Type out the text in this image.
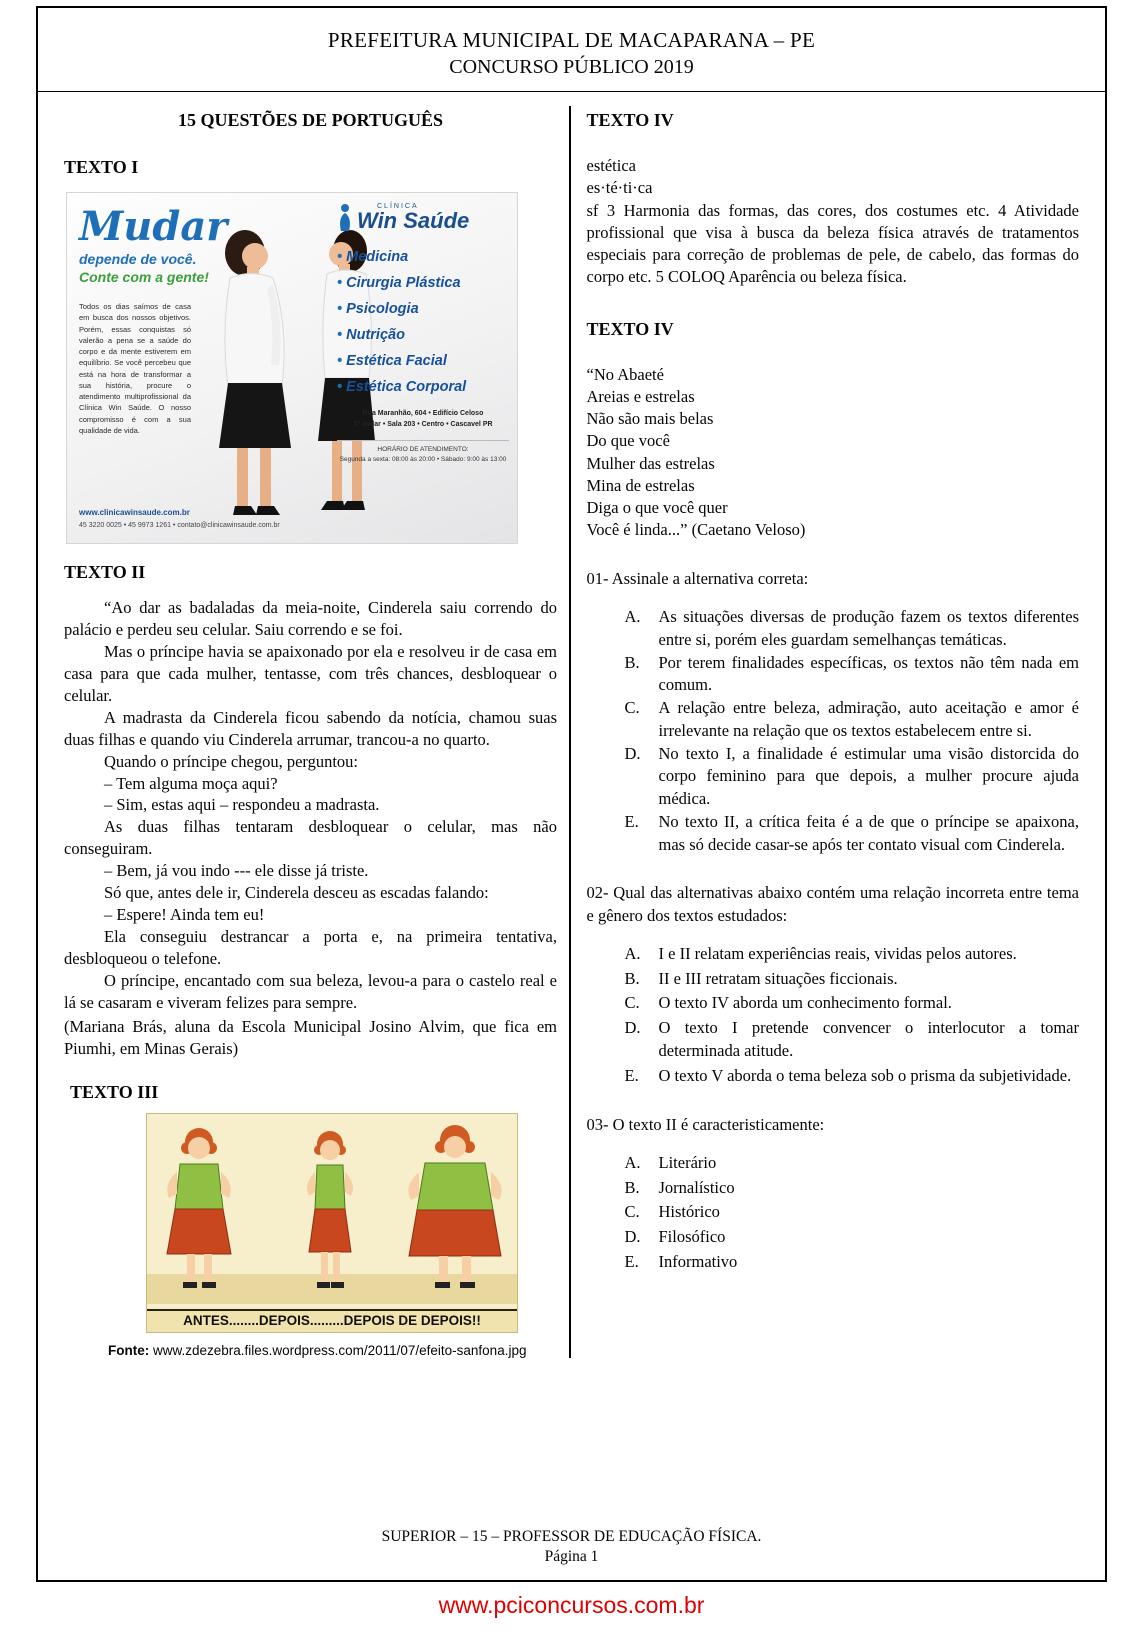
PREFEITURA MUNICIPAL DE MACAPARANA – PE
CONCURSO PÚBLICO 2019
15 QUESTÕES DE PORTUGUÊS
TEXTO I
Mudar
depende de você.
Conte com a gente!
Todos os dias saímos de casa em busca dos nossos objetivos. Porém, essas conquistas só valerão a pena se a saúde do corpo e da mente estiverem em equilíbrio. Se você percebeu que está na hora de transformar a sua história, procure o atendimento multiprofissional da Clínica Win Saúde. O nosso compromisso é com a sua qualidade de vida.
CLÍNICA
Win Saúde
• Medicina
• Cirurgia Plástica
• Psicologia
• Nutrição
• Estética Facial
• Estética Corporal
Rua Maranhão, 604 • Edifício Celoso
1º andar • Sala 203 • Centro • Cascavel PR
HORÁRIO DE ATENDIMENTO:
Segunda a sexta: 08:00 às 20:00 • Sábado: 9:00 às 13:00
www.clinicawinsaude.com.br
45 3220 0025 • 45 9973 1261 • contato@clinicawinsaude.com.br
TEXTO II

“Ao dar as badaladas da meia-noite, Cinderela saiu correndo do palácio e perdeu seu celular. Saiu correndo e se foi.

Mas o príncipe havia se apaixonado por ela e resolveu ir de casa em casa para que cada mulher, tentasse, com três chances, desbloquear o celular.

A madrasta da Cinderela ficou sabendo da notícia, chamou suas duas filhas e quando viu Cinderela arrumar, trancou-a no quarto.

Quando o príncipe chegou, perguntou:

– Tem alguma moça aqui?

– Sim, estas aqui – respondeu a madrasta.

As duas filhas tentaram desbloquear o celular, mas não conseguiram.

– Bem, já vou indo --- ele disse já triste.

Só que, antes dele ir, Cinderela desceu as escadas falando:

– Espere! Ainda tem eu!

Ela conseguiu destrancar a porta e, na primeira tentativa, desbloqueou o telefone.

O príncipe, encantado com sua beleza, levou-a para o castelo real e lá se casaram e viveram felizes para sempre.

(Mariana Brás, aluna da Escola Municipal Josino Alvim, que fica em Piumhi, em Minas Gerais)

TEXTO III
ANTES........DEPOIS.........DEPOIS DE DEPOIS!!
Fonte: www.zdezebra.files.wordpress.com/2011/07/efeito-sanfona.jpg
TEXTO IV
estética
es·té·ti·ca
sf 3 Harmonia das formas, das cores, dos costumes etc. 4 Atividade profissional que visa à busca da beleza física através de tratamentos especiais para correção de problemas de pele, de cabelo, das formas do corpo etc. 5 COLOQ Aparência ou beleza física.
TEXTO IV
“No Abaeté
Areias e estrelas
Não são mais belas
Do que você
Mulher das estrelas
Mina de estrelas
Diga o que você quer
Você é linda...” (Caetano Veloso)

01- Assinale a alternativa correta:

A.	As situações diversas de produção fazem os textos diferentes entre si, porém eles guardam semelhanças temáticas.
B.	Por terem finalidades específicas, os textos não têm nada em comum.
C.	A relação entre beleza, admiração, auto aceitação e amor é irrelevante na relação que os textos estabelecem entre si.
D.	No texto I, a finalidade é estimular uma visão distorcida do corpo feminino para que depois, a mulher procure ajuda médica.
E.	No texto II, a crítica feita é a de que o príncipe se apaixona, mas só decide casar-se após ter contato visual com Cinderela.

02- Qual das alternativas abaixo contém uma relação incorreta entre tema e gênero dos textos estudados:

A.	I e II relatam experiências reais, vividas pelos autores.
B.	II e III retratam situações ficcionais.
C.	O texto IV aborda um conhecimento formal.
D.	O texto I pretende convencer o interlocutor a tomar determinada atitude.
E.	O texto V aborda o tema beleza sob o prisma da subjetividade.

03- O texto II é caracteristicamente:

A.	Literário
B.	Jornalístico
C.	Histórico
D.	Filosófico
E.	Informativo
SUPERIOR – 15 – PROFESSOR DE EDUCAÇÃO FÍSICA.
Página 1
www.pciconcursos.com.br
